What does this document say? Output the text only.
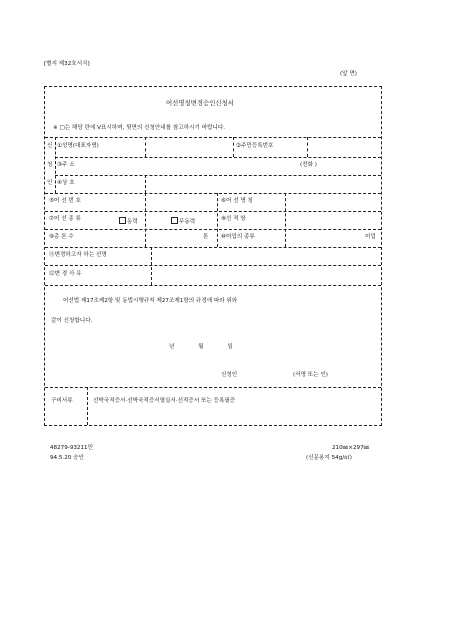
[별지 제32호서식]
(앞 면)
어선명칭변경승인신청서
※ □는 해당 란에 V표시하며, 뒷면의 신청안내를 참고하시기 바랍니다.
신
청
인
①성명(대표자명)	②주민등록번호
③주 소	(전화 )
④상 호
⑤어 선 번 호	⑥어 선 명 칭
⑦어 선 종 류	동력	무동력	⑧선 적 항
⑨총 톤 수	톤 ⑩어업의 종류	어업
⑪변경하고자 하는 선명
⑫변 경 사 유
어선법 제17조제2항 및 동법시행규칙 제27조제1항의 규정에 따라 위와
같이 신청합니다.
년 월 일
신청인	(서명 또는 인)
구비서류	선박국적증서·선박국적증서멸실서·선적증서 또는 등록필증
48279-93211민
94.5.20 승인
210㎜×297㎜
(신문용지 54g/㎡)
